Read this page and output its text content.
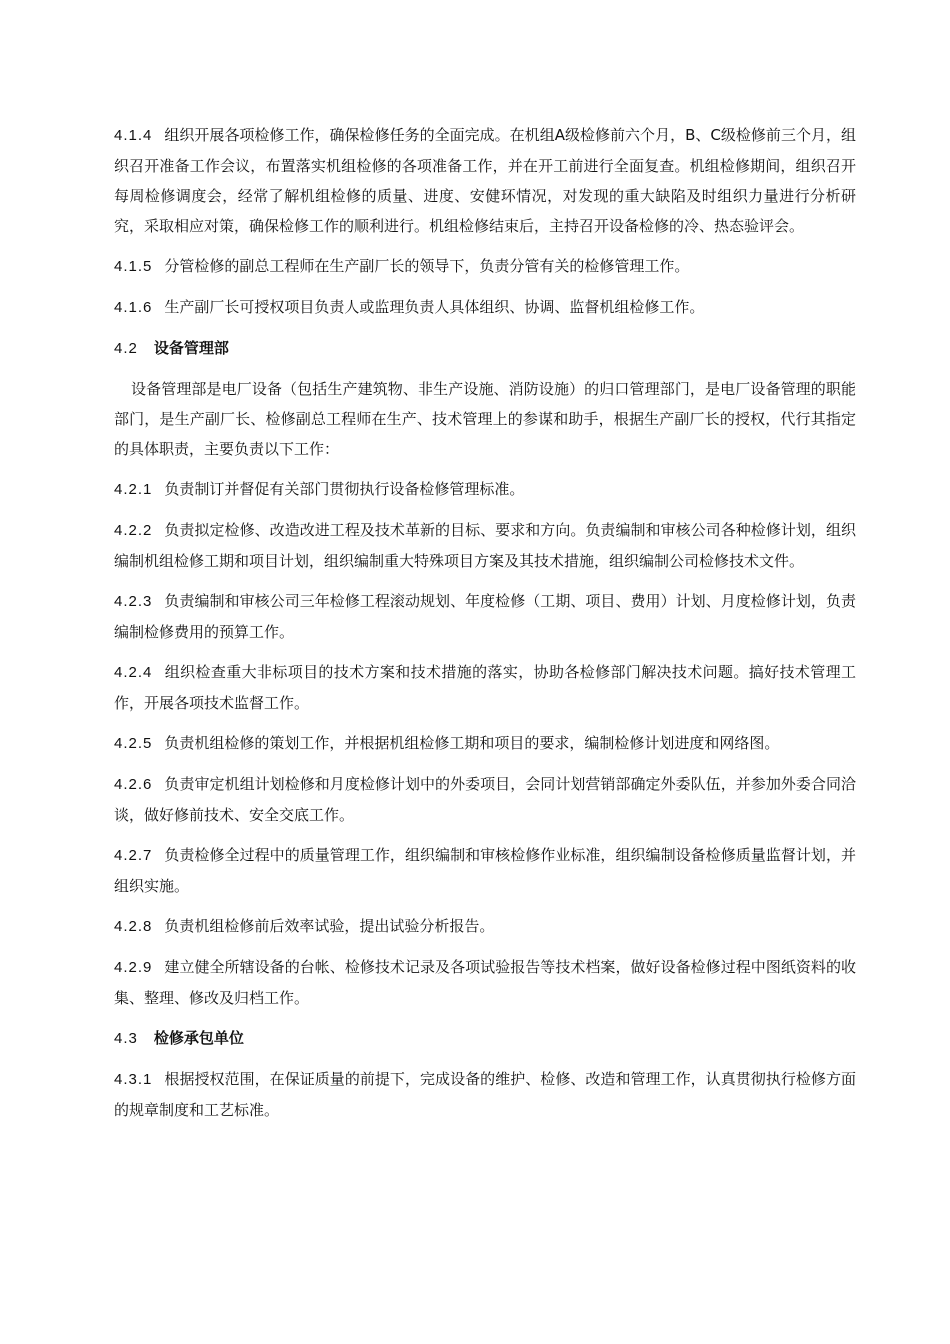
4.1.4 组织开展各项检修工作，确保检修任务的全面完成。在机组A级检修前六个月，B、C级检修前三个月，组织召开准备工作会议，布置落实机组检修的各项准备工作，并在开工前进行全面复查。机组检修期间，组织召开每周检修调度会，经常了解机组检修的质量、进度、安健环情况，对发现的重大缺陷及时组织力量进行分析研究，采取相应对策，确保检修工作的顺利进行。机组检修结束后，主持召开设备检修的冷、热态验评会。

4.1.5 分管检修的副总工程师在生产副厂长的领导下，负责分管有关的检修管理工作。

4.1.6 生产副厂长可授权项目负责人或监理负责人具体组织、协调、监督机组检修工作。

4.2 设备管理部

设备管理部是电厂设备（包括生产建筑物、非生产设施、消防设施）的归口管理部门，是电厂设备管理的职能部门，是生产副厂长、检修副总工程师在生产、技术管理上的参谋和助手，根据生产副厂长的授权，代行其指定的具体职责，主要负责以下工作：

4.2.1 负责制订并督促有关部门贯彻执行设备检修管理标准。

4.2.2 负责拟定检修、改造改进工程及技术革新的目标、要求和方向。负责编制和审核公司各种检修计划，组织编制机组检修工期和项目计划，组织编制重大特殊项目方案及其技术措施，组织编制公司检修技术文件。

4.2.3 负责编制和审核公司三年检修工程滚动规划、年度检修（工期、项目、费用）计划、月度检修计划，负责编制检修费用的预算工作。

4.2.4 组织检查重大非标项目的技术方案和技术措施的落实，协助各检修部门解决技术问题。搞好技术管理工作，开展各项技术监督工作。

4.2.5 负责机组检修的策划工作，并根据机组检修工期和项目的要求，编制检修计划进度和网络图。

4.2.6 负责审定机组计划检修和月度检修计划中的外委项目，会同计划营销部确定外委队伍，并参加外委合同洽谈，做好修前技术、安全交底工作。

4.2.7 负责检修全过程中的质量管理工作，组织编制和审核检修作业标准，组织编制设备检修质量监督计划，并组织实施。

4.2.8 负责机组检修前后效率试验，提出试验分析报告。

4.2.9 建立健全所辖设备的台帐、检修技术记录及各项试验报告等技术档案，做好设备检修过程中图纸资料的收集、整理、修改及归档工作。

4.3 检修承包单位

4.3.1 根据授权范围，在保证质量的前提下，完成设备的维护、检修、改造和管理工作，认真贯彻执行检修方面的规章制度和工艺标准。
